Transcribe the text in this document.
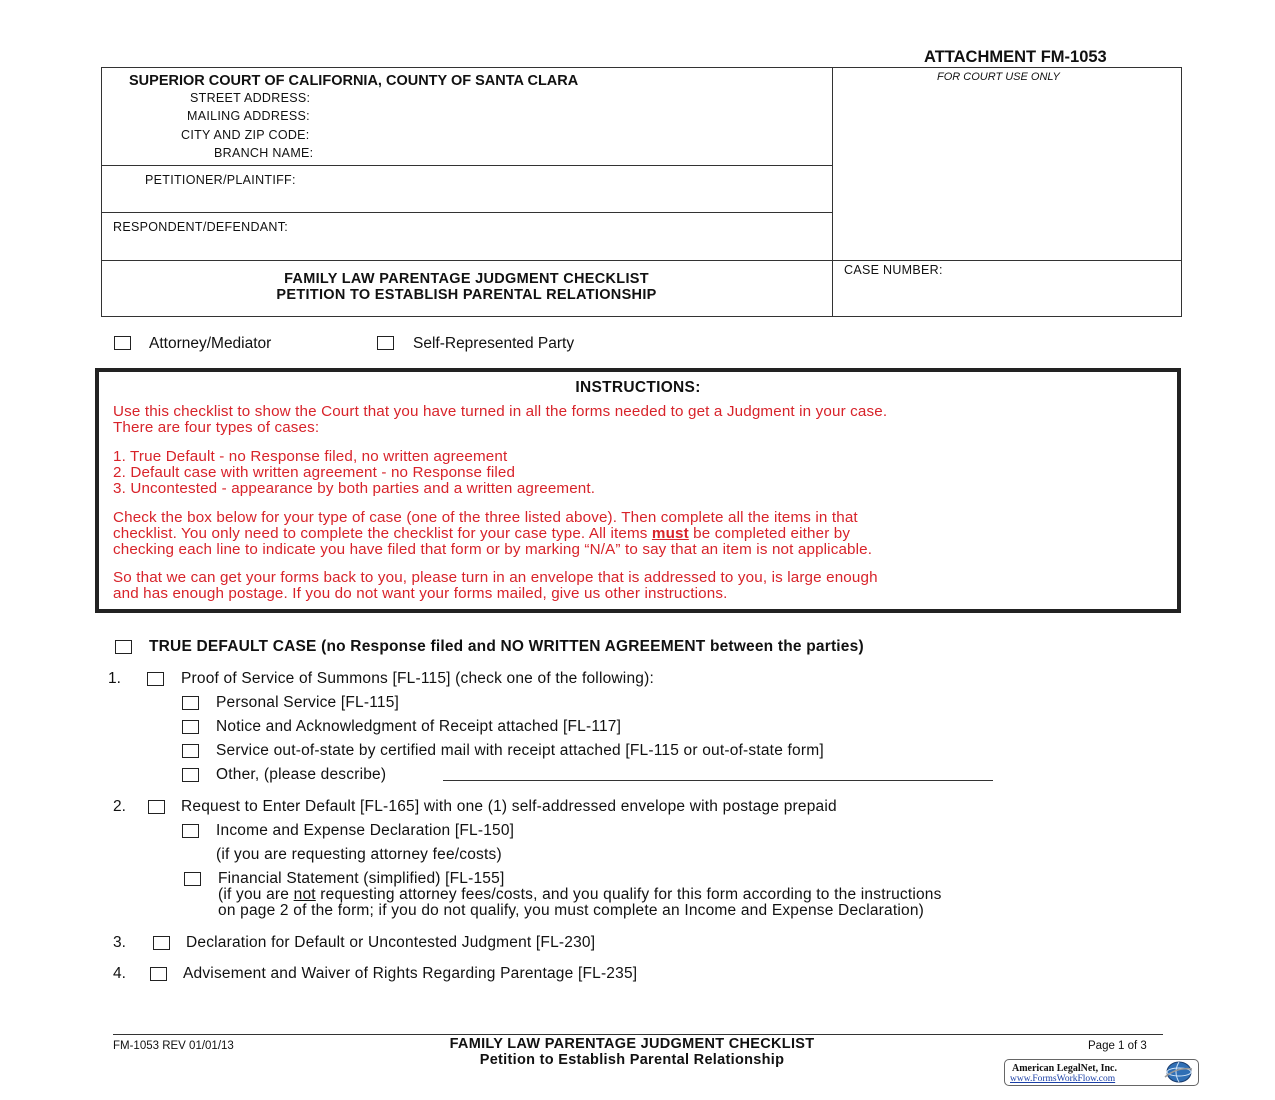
ATTACHMENT FM-1053
SUPERIOR COURT OF CALIFORNIA, COUNTY OF SANTA CLARA
STREET ADDRESS:
MAILING ADDRESS:
CITY AND ZIP CODE:
BRANCH NAME:
FOR COURT USE ONLY
PETITIONER/PLAINTIFF:
RESPONDENT/DEFENDANT:
FAMILY LAW PARENTAGE JUDGMENT CHECKLIST
PETITION TO ESTABLISH PARENTAL RELATIONSHIP
CASE NUMBER:
Attorney/Mediator	Self-Represented Party
INSTRUCTIONS:
Use this checklist to show the Court that you have turned in all the forms needed to get a Judgment in your case.
There are four types of cases:
1. True Default - no Response filed, no written agreement
2. Default case with written agreement - no Response filed
3. Uncontested - appearance by both parties and a written agreement.
Check the box below for your type of case (one of the three listed above). Then complete all the items in that
checklist. You only need to complete the checklist for your case type. All items must be completed either by
checking each line to indicate you have filed that form or by marking “N/A” to say that an item is not applicable.
So that we can get your forms back to you, please turn in an envelope that is addressed to you, is large enough
and has enough postage. If you do not want your forms mailed, give us other instructions.
TRUE DEFAULT CASE (no Response filed and NO WRITTEN AGREEMENT between the parties)
1.	Proof of Service of Summons [FL-115] (check one of the following):
Personal Service [FL-115]
Notice and Acknowledgment of Receipt attached [FL-117]
Service out-of-state by certified mail with receipt attached [FL-115 or out-of-state form]
Other, (please describe)
2.	Request to Enter Default [FL-165] with one (1) self-addressed envelope with postage prepaid
Income and Expense Declaration [FL-150]
(if you are requesting attorney fee/costs)
Financial Statement (simplified) [FL-155]
(if you are not requesting attorney fees/costs, and you qualify for this form according to the instructions
on page 2 of the form; if you do not qualify, you must complete an Income and Expense Declaration)
3.	Declaration for Default or Uncontested Judgment [FL-230]
4.	Advisement and Waiver of Rights Regarding Parentage [FL-235]
FM-1053 REV 01/01/13	FAMILY LAW PARENTAGE JUDGMENT CHECKLIST
Petition to Establish Parental Relationship
Page 1 of 3
American LegalNet, Inc.
www.FormsWorkFlow.com
